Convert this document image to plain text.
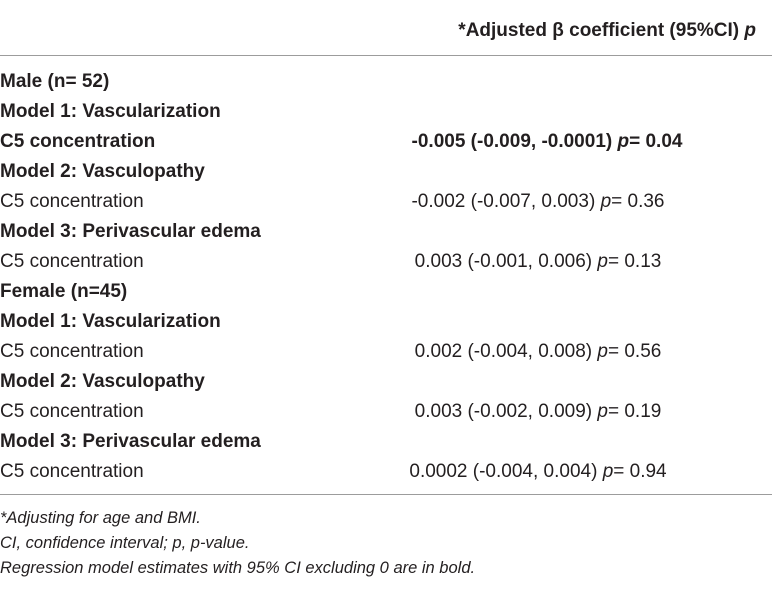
*Adjusted β coefficient (95%CI) p
Male (n= 52)
Model 1: Vascularization
C5 concentration	-0.005 (-0.009, -0.0001) p= 0.04
Model 2: Vasculopathy
C5 concentration	-0.002 (-0.007, 0.003) p= 0.36
Model 3: Perivascular edema
C5 concentration	0.003 (-0.001, 0.006) p= 0.13
Female (n=45)
Model 1: Vascularization
C5 concentration	0.002 (-0.004, 0.008) p= 0.56
Model 2: Vasculopathy
C5 concentration	0.003 (-0.002, 0.009) p= 0.19
Model 3: Perivascular edema
C5 concentration	0.0002 (-0.004, 0.004) p= 0.94
*Adjusting for age and BMI.
CI, confidence interval; p, p-value.
Regression model estimates with 95% CI excluding 0 are in bold.
